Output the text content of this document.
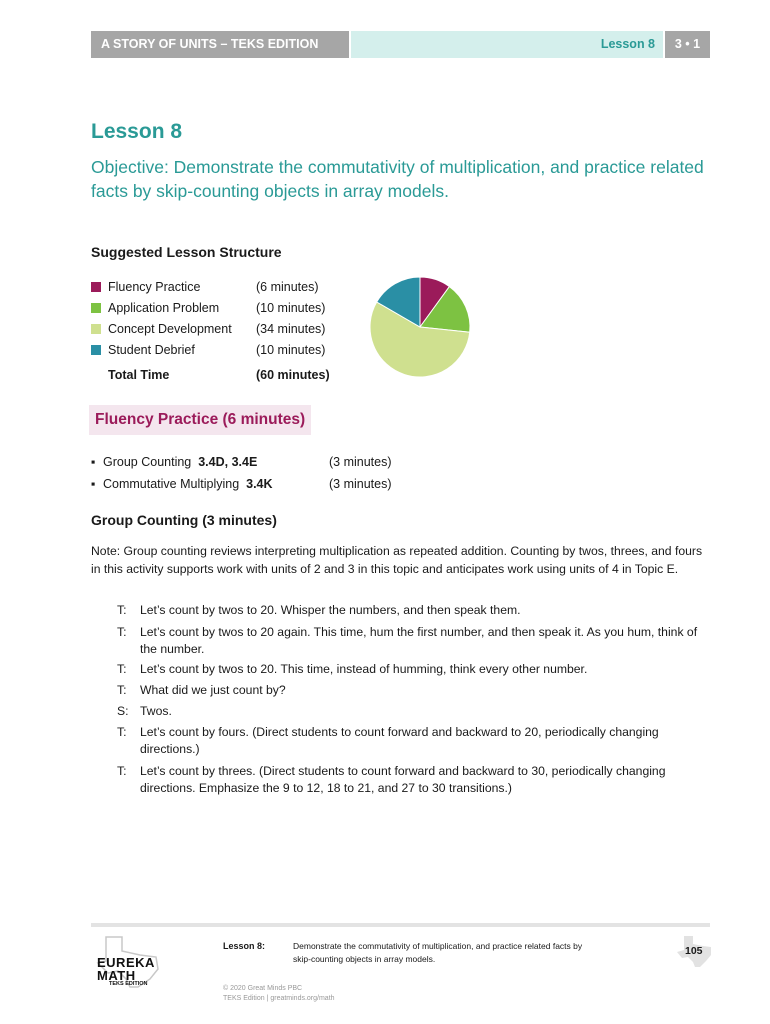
A STORY OF UNITS – TEKS EDITION	Lesson 8	3 • 1
Lesson 8
Objective: Demonstrate the commutativity of multiplication, and practice related facts by skip-counting objects in array models.
Suggested Lesson Structure
Fluency Practice	(6 minutes)
Application Problem	(10 minutes)
Concept Development (34 minutes)
Student Debrief	(10 minutes)
Total Time	(60 minutes)
Fluency Practice (6 minutes)
▪ Group Counting 3.4D, 3.4E	(3 minutes)
▪ Commutative Multiplying 3.4K	(3 minutes)
Group Counting (3 minutes)
Note: Group counting reviews interpreting multiplication as repeated addition. Counting by twos, threes, and fours in this activity supports work with units of 2 and 3 in this topic and anticipates work using units of 4 in Topic E.
T: Let’s count by twos to 20. Whisper the numbers, and then speak them.
T: Let’s count by twos to 20 again. This time, hum the first number, and then speak it. As you hum, think of the number.
T: Let’s count by twos to 20. This time, instead of humming, think every other number.
T: What did we just count by?
S: Twos.
T: Let’s count by fours. (Direct students to count forward and backward to 20, periodically changing directions.)
T: Let’s count by threes. (Direct students to count forward and backward to 30, periodically changing directions. Emphasize the 9 to 12, 18 to 21, and 27 to 30 transitions.)
EUREKA
MATH
TEKS EDITION
Lesson 8:	Demonstrate the commutativity of multiplication, and practice related facts by skip-counting objects in array models.
© 2020 Great Minds PBC
TEKS Edition | greatminds.org/math
105
